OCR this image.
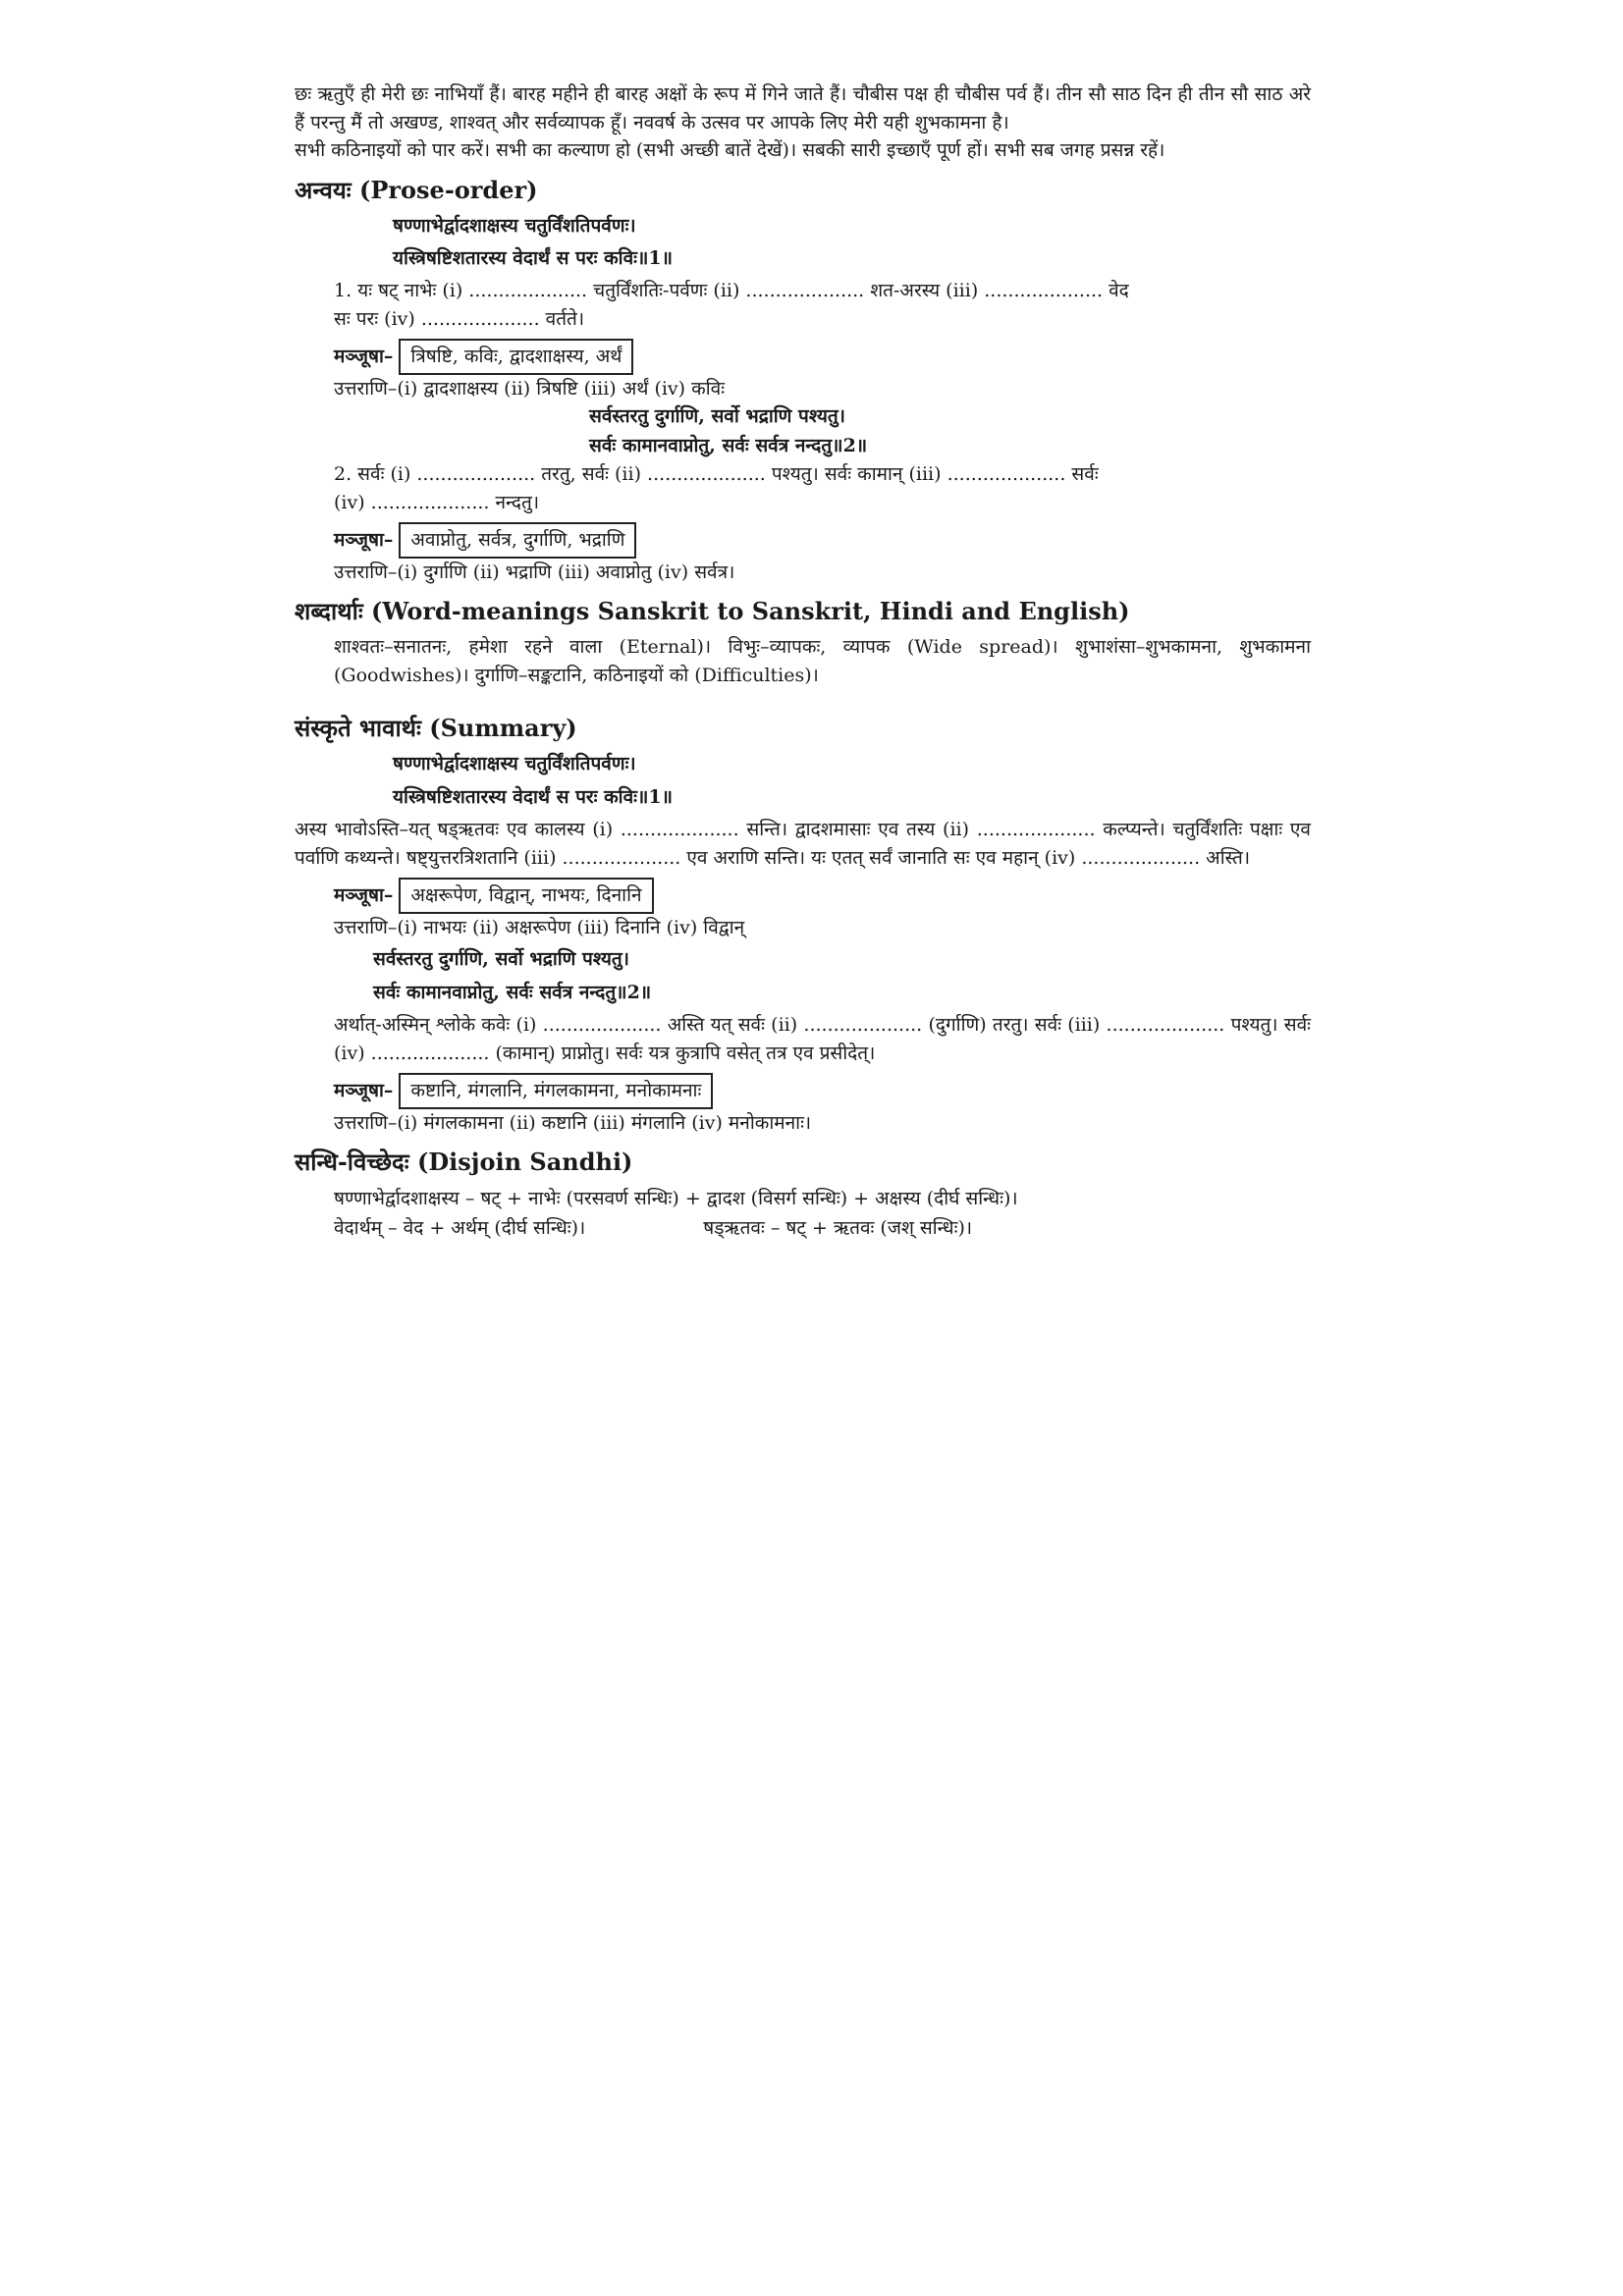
छः ऋतुएँ ही मेरी छः नाभियाँ हैं। बारह महीने ही बारह अक्षों के रूप में गिने जाते हैं। चौबीस पक्ष ही चौबीस पर्व हैं। तीन सौ साठ दिन ही तीन सौ साठ अरे हैं परन्तु मैं तो अखण्ड, शाश्वत् और सर्वव्यापक हूँ। नववर्ष के उत्सव पर आपके लिए मेरी यही शुभकामना है।

सभी कठिनाइयों को पार करें। सभी का कल्याण हो (सभी अच्छी बातें देखें)। सबकी सारी इच्छाएँ पूर्ण हों। सभी सब जगह प्रसन्न रहें।

अन्वयः (Prose-order)
षण्णाभेर्द्वादशाक्षस्य चतुर्विंशतिपर्वणः।
यस्त्रिषष्टिशतारस्य वेदार्थं स परः कविः॥1॥
1. यः षट् नाभेः (i) .................... चतुर्विंशतिः-पर्वणः (ii) .................... शत-अरस्य (iii) .................... वेद
सः परः (iv) .................... वर्तते।
मञ्जूषा– त्रिषष्टि, कविः, द्वादशाक्षस्य, अर्थं
उत्तराणि–(i) द्वादशाक्षस्य (ii) त्रिषष्टि (iii) अर्थं (iv) कविः
सर्वस्तरतु दुर्गाणि, सर्वो भद्राणि पश्यतु।
सर्वः कामानवाप्नोतु, सर्वः सर्वत्र नन्दतु॥2॥
2. सर्वः (i) .................... तरतु, सर्वः (ii) .................... पश्यतु। सर्वः कामान् (iii) .................... सर्वः
(iv) .................... नन्दतु।
मञ्जूषा– अवाप्नोतु, सर्वत्र, दुर्गाणि, भद्राणि
उत्तराणि–(i) दुर्गाणि (ii) भद्राणि (iii) अवाप्नोतु (iv) सर्वत्र।
शब्दार्थाः (Word-meanings Sanskrit to Sanskrit, Hindi and English)

शाश्वतः–सनातनः, हमेशा रहने वाला (Eternal)। विभुः–व्यापकः, व्यापक (Wide spread)। शुभाशंसा–शुभकामना, शुभकामना (Goodwishes)। दुर्गाणि–सङ्कटानि, कठिनाइयों को (Difficulties)।

संस्कृते भावार्थः (Summary)
षण्णाभेर्द्वादशाक्षस्य चतुर्विंशतिपर्वणः।
यस्त्रिषष्टिशतारस्य वेदार्थं स परः कविः॥1॥

अस्य भावोऽस्ति–यत् षड्ऋतवः एव कालस्य (i) .................... सन्ति। द्वादशमासाः एव तस्य (ii) .................... कल्प्यन्ते। चतुर्विंशतिः पक्षाः एव पर्वाणि कथ्यन्ते। षष्ट्युत्तरत्रिशतानि (iii) .................... एव अराणि सन्ति। यः एतत् सर्वं जानाति सः एव महान् (iv) .................... अस्ति।

मञ्जूषा– अक्षरूपेण, विद्वान्, नाभयः, दिनानि
उत्तराणि–(i) नाभयः (ii) अक्षरूपेण (iii) दिनानि (iv) विद्वान्
सर्वस्तरतु दुर्गाणि, सर्वो भद्राणि पश्यतु।
सर्वः कामानवाप्नोतु, सर्वः सर्वत्र नन्दतु॥2॥

अर्थात्-अस्मिन् श्लोके कवेः (i) .................... अस्ति यत् सर्वः (ii) .................... (दुर्गाणि) तरतु। सर्वः (iii) .................... पश्यतु। सर्वः (iv) .................... (कामान्) प्राप्नोतु। सर्वः यत्र कुत्रापि वसेत् तत्र एव प्रसीदेत्।

मञ्जूषा– कष्टानि, मंगलानि, मंगलकामना, मनोकामनाः
उत्तराणि–(i) मंगलकामना (ii) कष्टानि (iii) मंगलानि (iv) मनोकामनाः।
सन्धि-विच्छेदः (Disjoin Sandhi)
षण्णाभेर्द्वादशाक्षस्य – षट् + नाभेः (परसवर्ण सन्धिः) + द्वादश (विसर्ग सन्धिः) + अक्षस्य (दीर्घ सन्धिः)।
वेदार्थम् – वेद + अर्थम् (दीर्घ सन्धिः)।	षड्ऋतवः – षट् + ऋतवः (जश् सन्धिः)।
